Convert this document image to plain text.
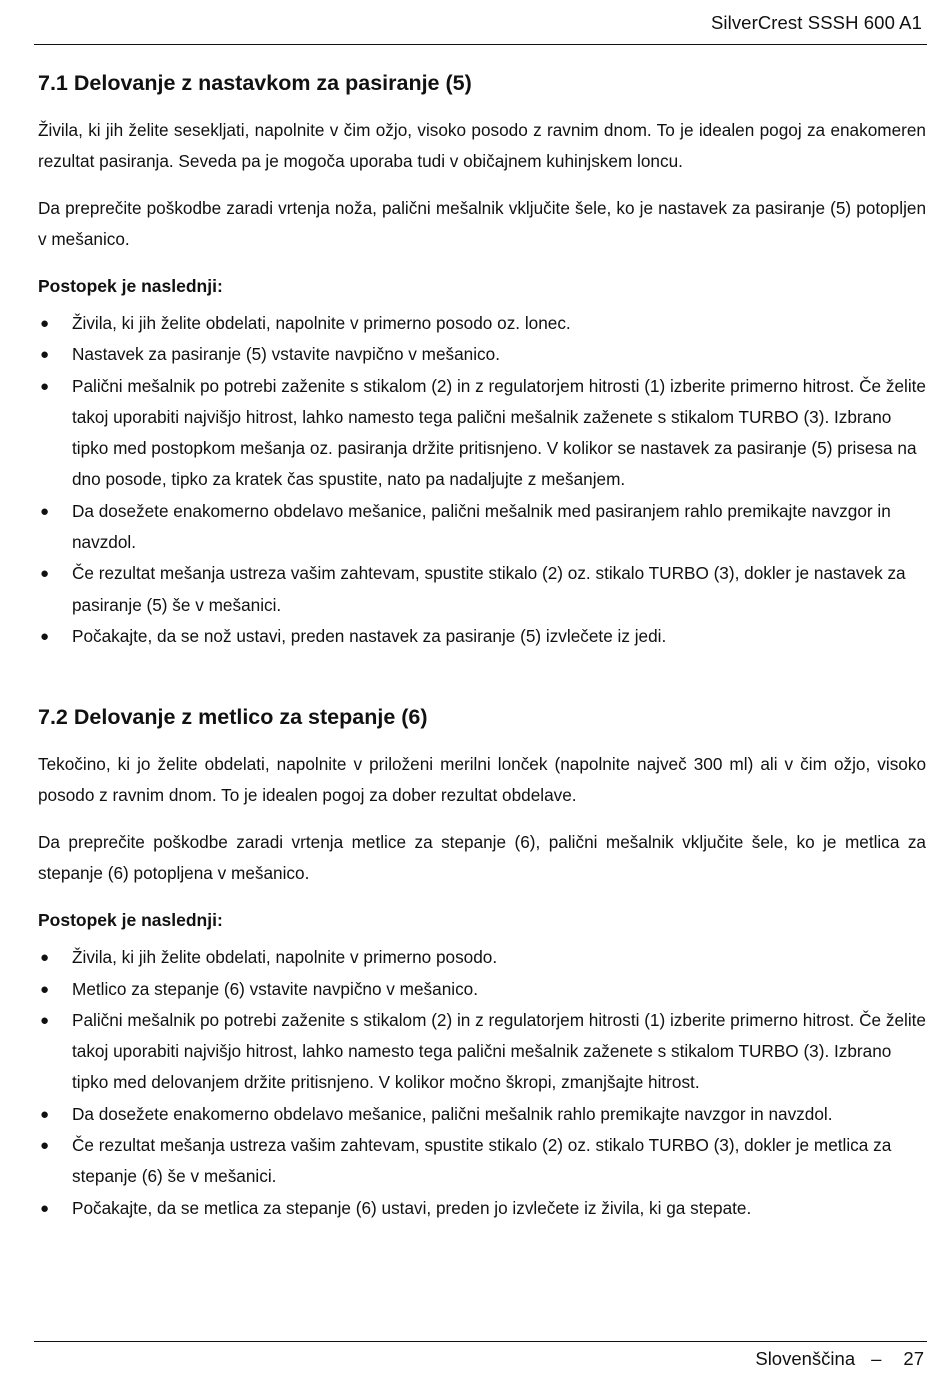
SilverCrest SSSH 600 A1
7.1 Delovanje z nastavkom za pasiranje (5)

Živila, ki jih želite sesekljati, napolnite v čim ožjo, visoko posodo z ravnim dnom. To je idealen pogoj za enakomeren rezultat pasiranja. Seveda pa je mogoča uporaba tudi v običajnem kuhinjskem loncu.

Da preprečite poškodbe zaradi vrtenja noža, palični mešalnik vključite šele, ko je nastavek za pasiranje (5) potopljen v mešanico.

Postopek je naslednji:
● Živila, ki jih želite obdelati, napolnite v primerno posodo oz. lonec.
● Nastavek za pasiranje (5) vstavite navpično v mešanico.
● Palični mešalnik po potrebi zaženite s stikalom (2) in z regulatorjem hitrosti (1) izberite primerno hitrost. Če želite takoj uporabiti najvišjo hitrost, lahko namesto tega palični mešalnik zaženete s stikalom TURBO (3). Izbrano tipko med postopkom mešanja oz. pasiranja držite pritisnjeno. V kolikor se nastavek za pasiranje (5) prisesa na dno posode, tipko za kratek čas spustite, nato pa nadaljujte z mešanjem.
● Da dosežete enakomerno obdelavo mešanice, palični mešalnik med pasiranjem rahlo premikajte navzgor in navzdol.
● Če rezultat mešanja ustreza vašim zahtevam, spustite stikalo (2) oz. stikalo TURBO (3), dokler je nastavek za pasiranje (5) še v mešanici.
● Počakajte, da se nož ustavi, preden nastavek za pasiranje (5) izvlečete iz jedi.
7.2 Delovanje z metlico za stepanje (6)

Tekočino, ki jo želite obdelati, napolnite v priloženi merilni lonček (napolnite največ 300 ml) ali v čim ožjo, visoko posodo z ravnim dnom. To je idealen pogoj za dober rezultat obdelave.

Da preprečite poškodbe zaradi vrtenja metlice za stepanje (6), palični mešalnik vključite šele, ko je metlica za stepanje (6) potopljena v mešanico.

Postopek je naslednji:
● Živila, ki jih želite obdelati, napolnite v primerno posodo.
● Metlico za stepanje (6) vstavite navpično v mešanico.
● Palični mešalnik po potrebi zaženite s stikalom (2) in z regulatorjem hitrosti (1) izberite primerno hitrost. Če želite takoj uporabiti najvišjo hitrost, lahko namesto tega palični mešalnik zaženete s stikalom TURBO (3). Izbrano tipko med delovanjem držite pritisnjeno. V kolikor močno škropi, zmanjšajte hitrost.
● Da dosežete enakomerno obdelavo mešanice, palični mešalnik rahlo premikajte navzgor in navzdol.
● Če rezultat mešanja ustreza vašim zahtevam, spustite stikalo (2) oz. stikalo TURBO (3), dokler je metlica za stepanje (6) še v mešanici.
● Počakajte, da se metlica za stepanje (6) ustavi, preden jo izvlečete iz živila, ki ga stepate.
Slovenščina – 27
